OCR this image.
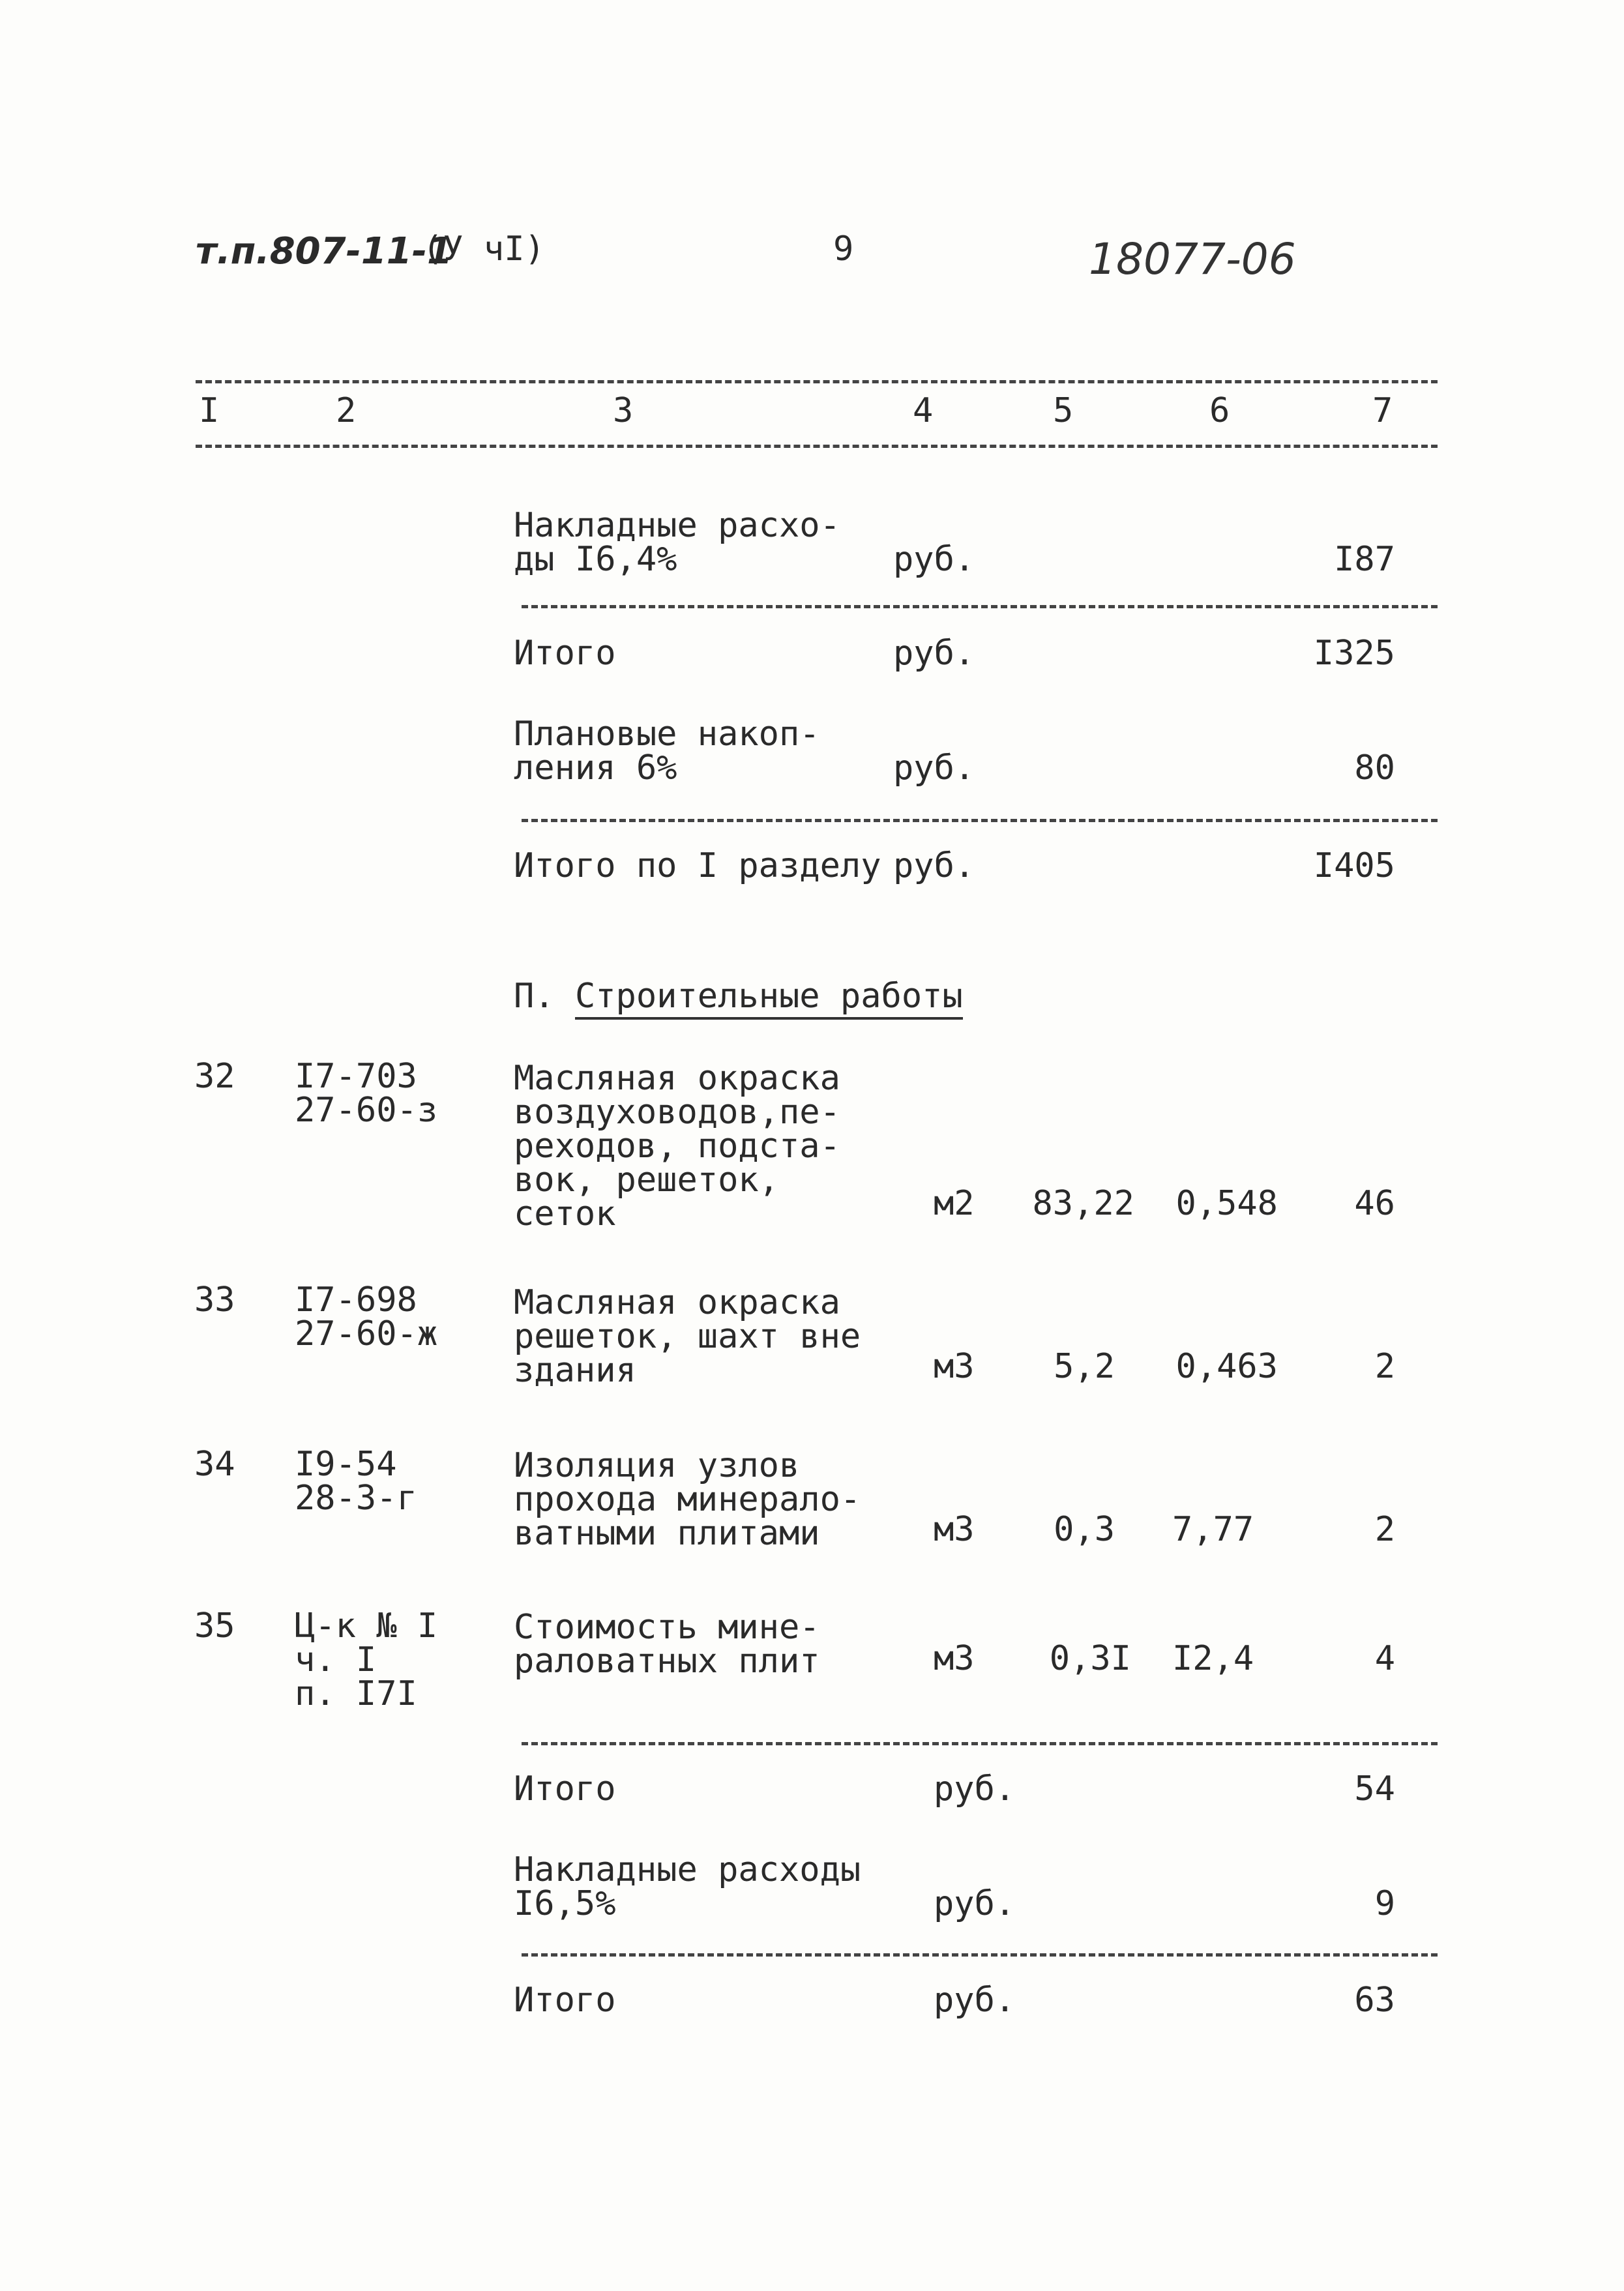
т.п.807-11-1
(У чI)	9	18077-06
I	2	3	4	5	6	7
Накладные расхо-
ды I6,4%	руб.	I87
Итого	руб.	I325
Плановые накоп-
ления 6%	руб.	80
Итого по I разделу руб.	I405
П. Строительные работы
32 I7-703
27-60-з
Масляная окраска
воздуховодов,пе-
реходов, подста-
вок, решеток,
сеток	м2	83,22	0,548	46
33 I7-698
27-60-ж
Масляная окраска
решеток, шахт вне
здания	м3	5,2	0,463	2
34 I9-54
28-3-г
Изоляция узлов
прохода минерало-
ватными плитами	м3	0,3 7,77	2
35 Ц-к № I
ч. I
п. I7I
Стоимость мине-
раловатных плит	м3	0,3I I2,4	4
Итого	руб.	54
Накладные расходы
I6,5%	руб.	9
Итого	руб.	63
